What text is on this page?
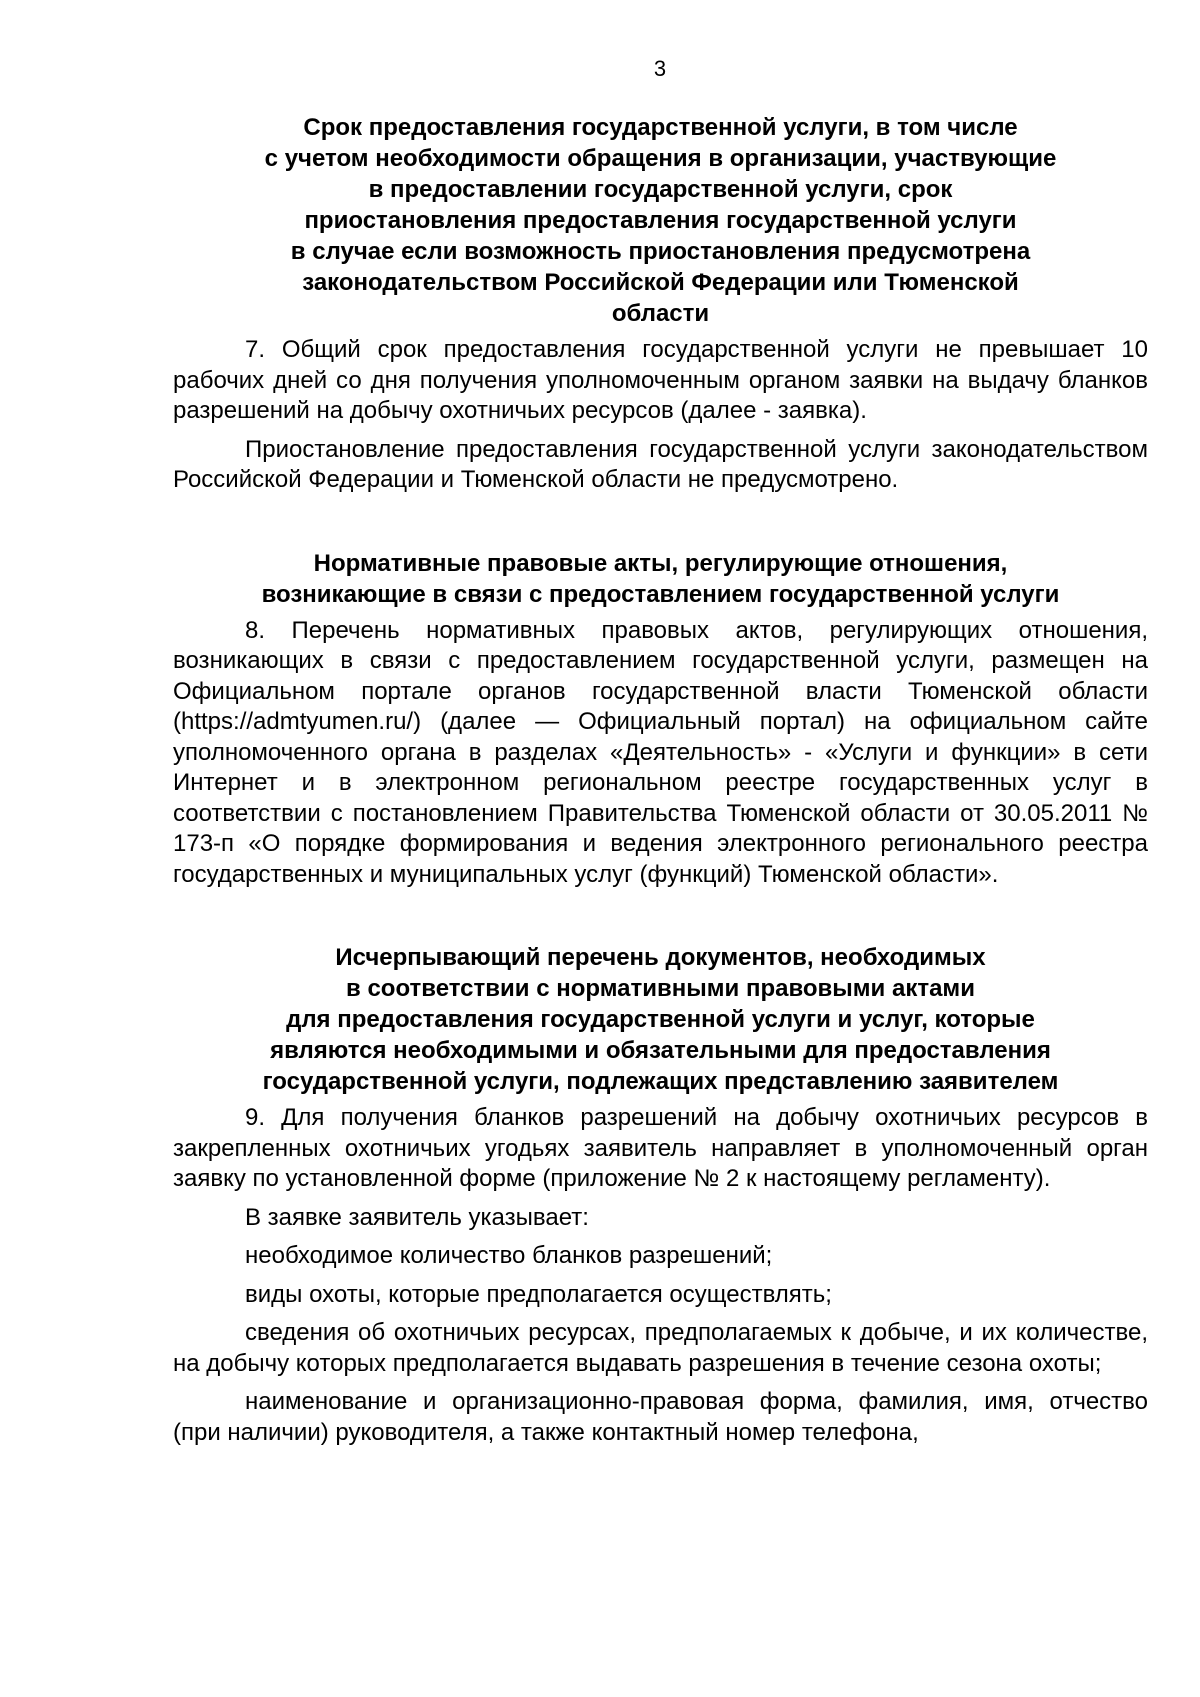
3
Срок предоставления государственной услуги, в том числе
с учетом необходимости обращения в организации, участвующие
в предоставлении государственной услуги, срок
приостановления предоставления государственной услуги
в случае если возможность приостановления предусмотрена
законодательством Российской Федерации или Тюменской
области

7. Общий срок предоставления государственной услуги не превышает 10 рабочих дней со дня получения уполномоченным органом заявки на выдачу бланков разрешений на добычу охотничьих ресурсов (далее - заявка).

Приостановление предоставления государственной услуги законодательством Российской Федерации и Тюменской области не предусмотрено.

Нормативные правовые акты, регулирующие отношения,
возникающие в связи с предоставлением государственной услуги

8. Перечень нормативных правовых актов, регулирующих отношения, возникающих в связи с предоставлением государственной услуги, размещен на Официальном портале органов государственной власти Тюменской области (https://admtyumen.ru/) (далее — Официальный портал) на официальном сайте уполномоченного органа в разделах «Деятельность» - «Услуги и функции» в сети Интернет и в электронном региональном реестре государственных услуг в соответствии с постановлением Правительства Тюменской области от 30.05.2011 № 173-п «О порядке формирования и ведения электронного регионального реестра государственных и муниципальных услуг (функций) Тюменской области».

Исчерпывающий перечень документов, необходимых
в соответствии с нормативными правовыми актами
для предоставления государственной услуги и услуг, которые
являются необходимыми и обязательными для предоставления
государственной услуги, подлежащих представлению заявителем

9. Для получения бланков разрешений на добычу охотничьих ресурсов в закрепленных охотничьих угодьях заявитель направляет в уполномоченный орган заявку по установленной форме (приложение № 2 к настоящему регламенту).

В заявке заявитель указывает:

необходимое количество бланков разрешений;

виды охоты, которые предполагается осуществлять;

сведения об охотничьих ресурсах, предполагаемых к добыче, и их количестве, на добычу которых предполагается выдавать разрешения в течение сезона охоты;

наименование и организационно-правовая форма, фамилия, имя, отчество (при наличии) руководителя, а также контактный номер телефона,
